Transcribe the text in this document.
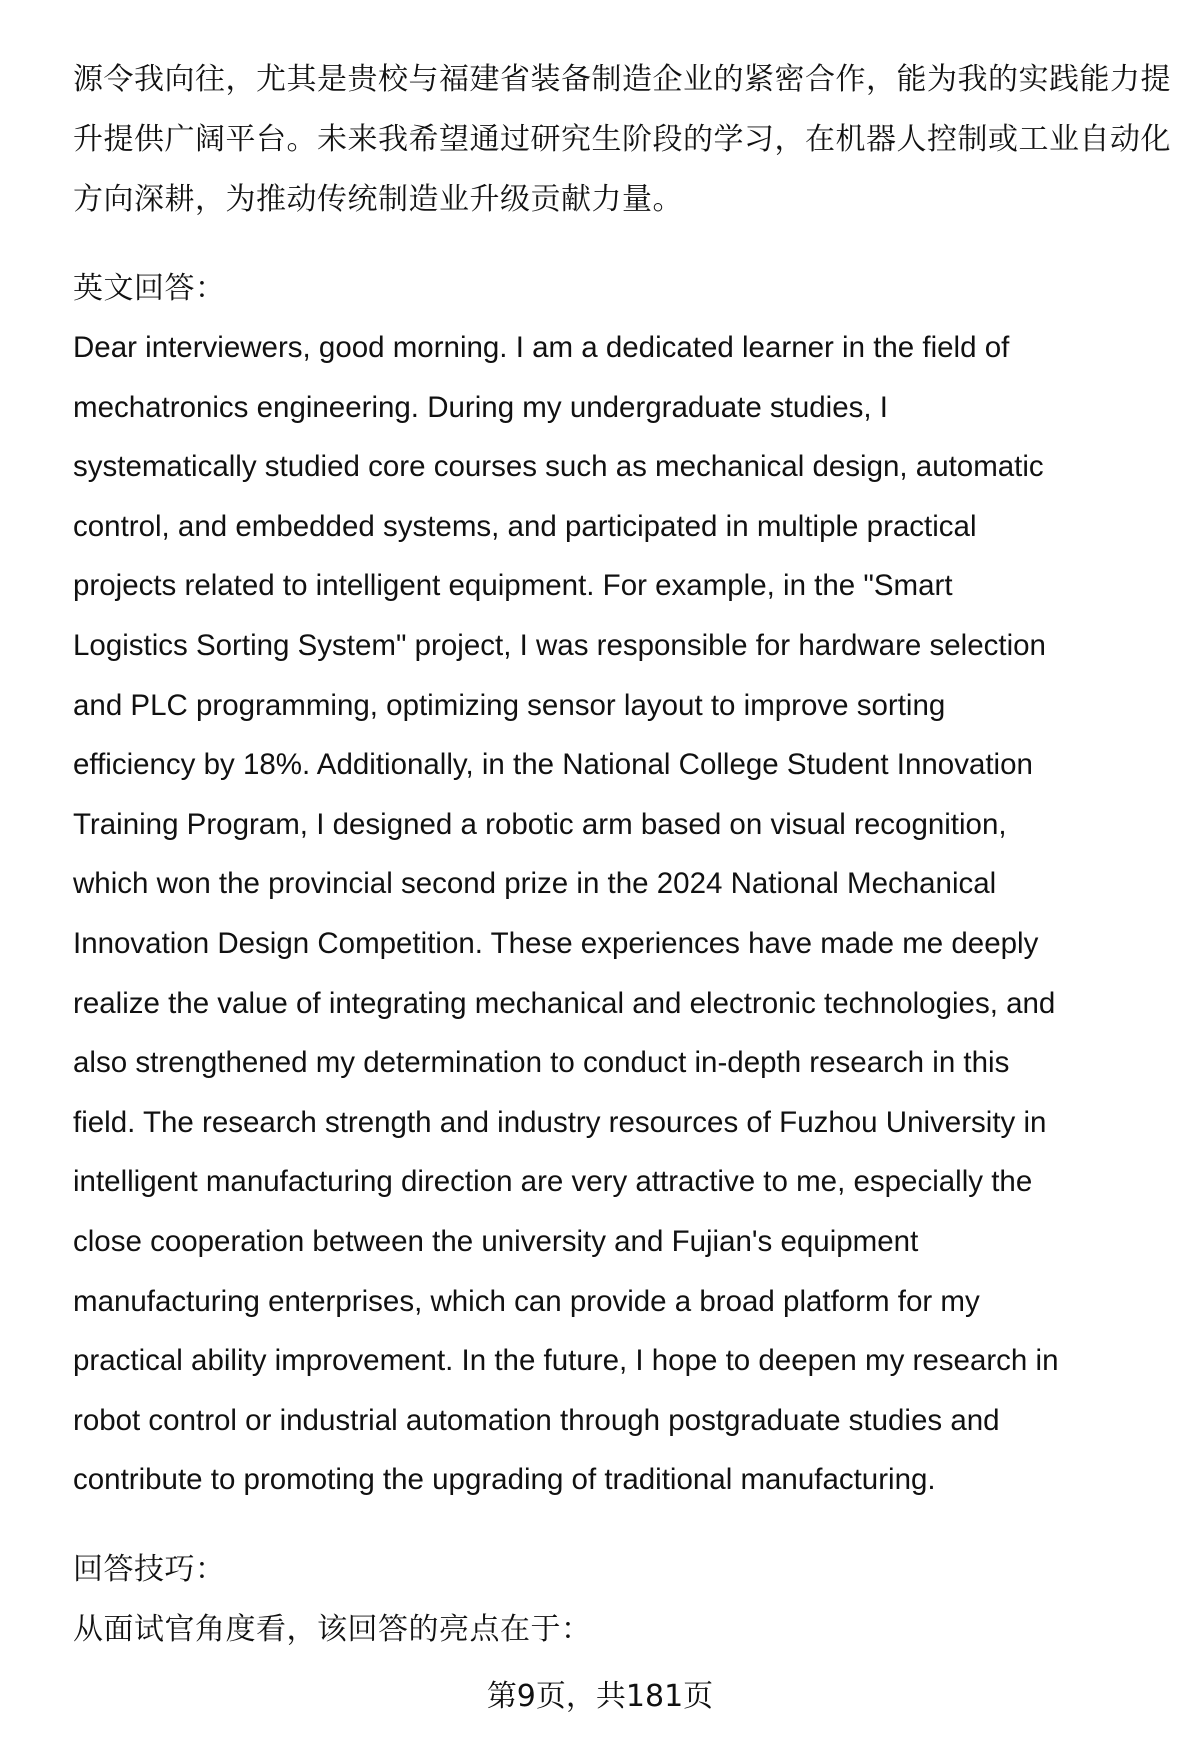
源令我向往，尤其是贵校与福建省装备制造企业的紧密合作，能为我的实践能力提
升提供广阔平台。未来我希望通过研究生阶段的学习，在机器人控制或工业自动化
方向深耕，为推动传统制造业升级贡献力量。
英文回答：
Dear interviewers, good morning. I am a dedicated learner in the field of
mechatronics engineering. During my undergraduate studies, I
systematically studied core courses such as mechanical design, automatic
control, and embedded systems, and participated in multiple practical
projects related to intelligent equipment. For example, in the "Smart
Logistics Sorting System" project, I was responsible for hardware selection
and PLC programming, optimizing sensor layout to improve sorting
efficiency by 18%. Additionally, in the National College Student Innovation
Training Program, I designed a robotic arm based on visual recognition,
which won the provincial second prize in the 2024 National Mechanical
Innovation Design Competition. These experiences have made me deeply
realize the value of integrating mechanical and electronic technologies, and
also strengthened my determination to conduct in-depth research in this
field. The research strength and industry resources of Fuzhou University in
intelligent manufacturing direction are very attractive to me, especially the
close cooperation between the university and Fujian's equipment
manufacturing enterprises, which can provide a broad platform for my
practical ability improvement. In the future, I hope to deepen my research in
robot control or industrial automation through postgraduate studies and
contribute to promoting the upgrading of traditional manufacturing.
回答技巧：
从面试官角度看，该回答的亮点在于：
第9页，共181页
